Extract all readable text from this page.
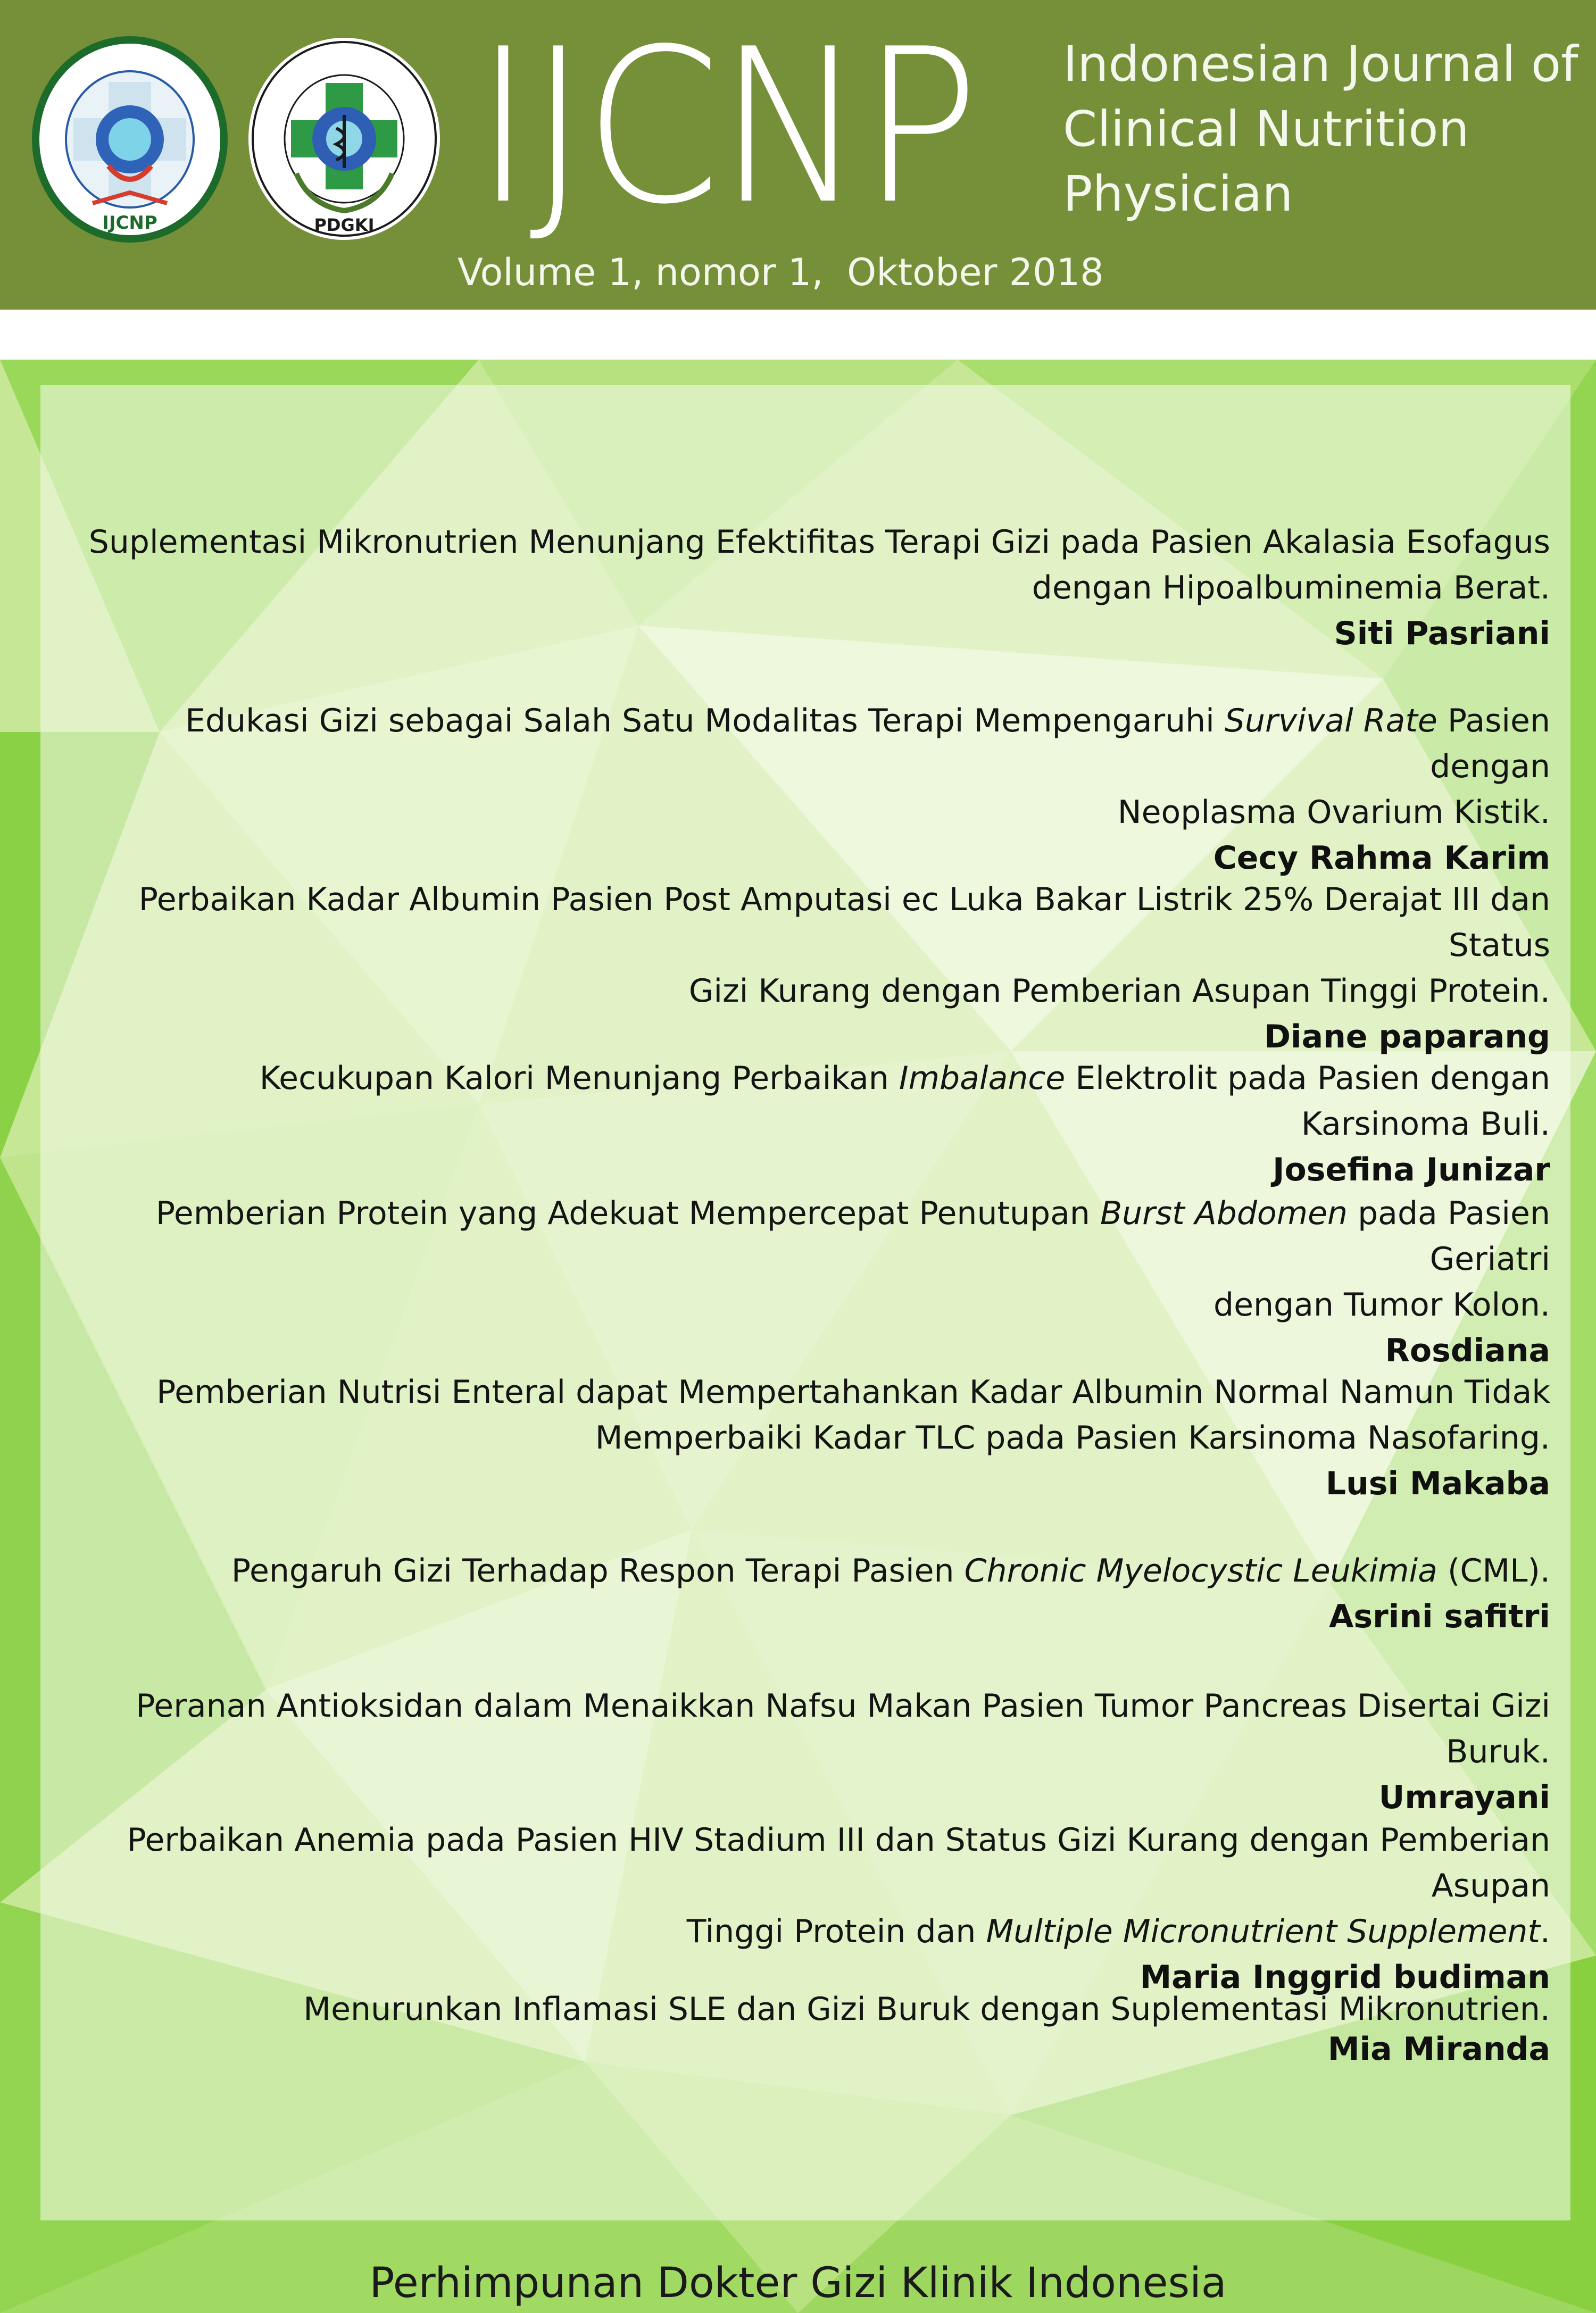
IJCNP	PDGKI IJCNP Indonesian Journal of
Clinical Nutrition
Physician
Volume 1, nomor 1,  Oktober 2018
Suplementasi Mikronutrien Menunjang Efektifitas Terapi Gizi pada Pasien Akalasia Esofagus
dengan Hipoalbuminemia Berat.
Siti Pasriani
Edukasi Gizi sebagai Salah Satu Modalitas Terapi Mempengaruhi Survival Rate Pasien dengan
Neoplasma Ovarium Kistik.
Cecy Rahma Karim
Perbaikan Kadar Albumin Pasien Post Amputasi ec Luka Bakar Listrik 25% Derajat III dan Status
Gizi Kurang dengan Pemberian Asupan Tinggi Protein.
Diane paparang
Kecukupan Kalori Menunjang Perbaikan Imbalance Elektrolit pada Pasien dengan Karsinoma Buli.
Josefina Junizar
Pemberian Protein yang Adekuat Mempercepat Penutupan Burst Abdomen pada Pasien Geriatri
dengan Tumor Kolon.
Rosdiana
Pemberian Nutrisi Enteral dapat Mempertahankan Kadar Albumin Normal Namun Tidak
Memperbaiki Kadar TLC pada Pasien Karsinoma Nasofaring.
Lusi Makaba
Pengaruh Gizi Terhadap Respon Terapi Pasien Chronic Myelocystic Leukimia (CML).
Asrini safitri
Peranan Antioksidan dalam Menaikkan Nafsu Makan Pasien Tumor Pancreas Disertai Gizi Buruk.
Umrayani
Perbaikan Anemia pada Pasien HIV Stadium III dan Status Gizi Kurang dengan Pemberian Asupan
Tinggi Protein dan Multiple Micronutrient Supplement.
Maria Inggrid budiman
Menurunkan Inflamasi SLE dan Gizi Buruk dengan Suplementasi Mikronutrien.
Mia Miranda
Perhimpunan Dokter Gizi Klinik Indonesia
